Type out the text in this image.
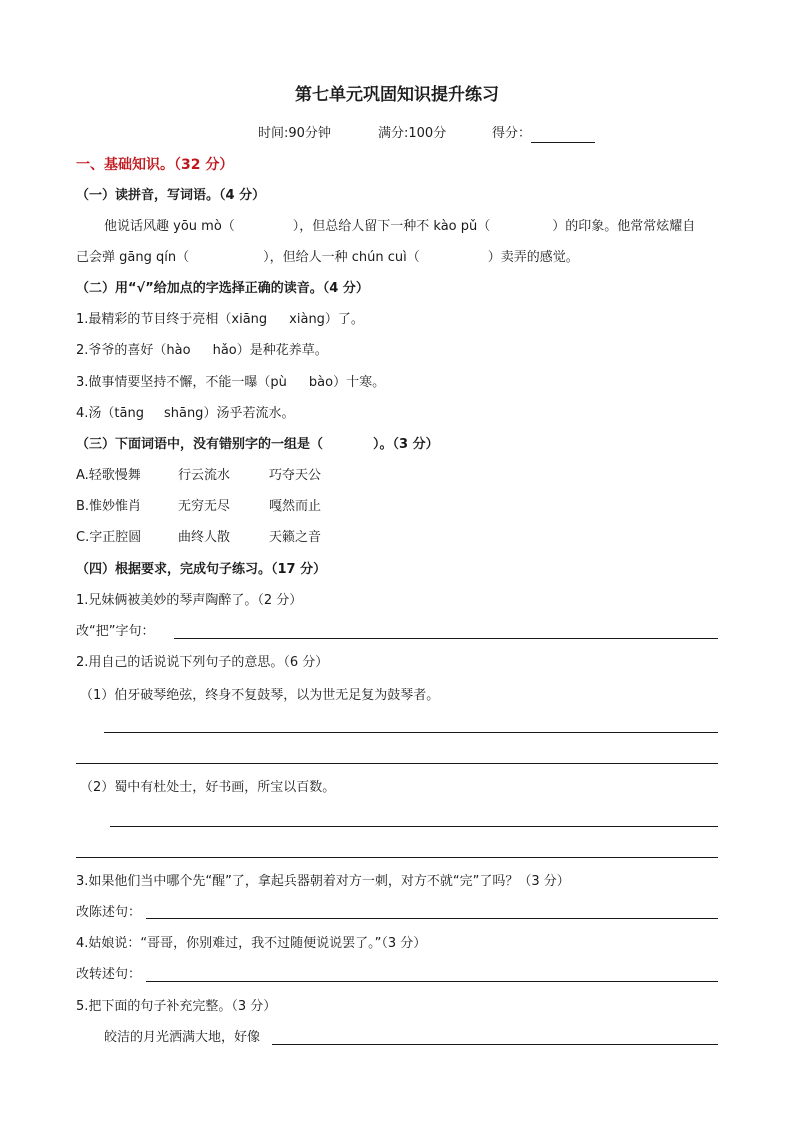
第七单元巩固知识提升练习
时间:90分钟	满分:100分	得分：
一、基础知识。（32 分）
（一）读拼音，写词语。（4 分）
他说话风趣 yōu mò（	），但总给人留下一种不 kào pǔ（	）的印象。他常常炫耀自
己会弹 gāng qín（	），但给人一种 chún cuì（	）卖弄的感觉。
（二）用“√”给加点的字选择正确的读音。（4 分）
1.最精彩的节目终于亮相（xiāng xiàng）了。
2.爷爷的喜好（hào hǎo）是种花养草。
3.做事情要坚持不懈，不能一曝（pù bào）十寒。
4.汤（tāng shāng）汤乎若流水。
（三）下面词语中，没有错别字的一组是（	）。（3 分）
A.轻歌慢舞	行云流水	巧夺天公
B.惟妙惟肖	无穷无尽	嘎然而止
C.字正腔圆	曲终人散	天籁之音
（四）根据要求，完成句子练习。（17 分）
1.兄妹俩被美妙的琴声陶醉了。（2 分）
改“把”字句：
2.用自己的话说说下列句子的意思。（6 分）
（1）伯牙破琴绝弦，终身不复鼓琴，以为世无足复为鼓琴者。
（2）蜀中有杜处士，好书画，所宝以百数。
3.如果他们当中哪个先“醒”了，拿起兵器朝着对方一刺，对方不就“完”了吗？（3 分）
改陈述句：
4.姑娘说：“哥哥，你别难过，我不过随便说说罢了。”（3 分）
改转述句：
5.把下面的句子补充完整。（3 分）
皎洁的月光洒满大地，好像
